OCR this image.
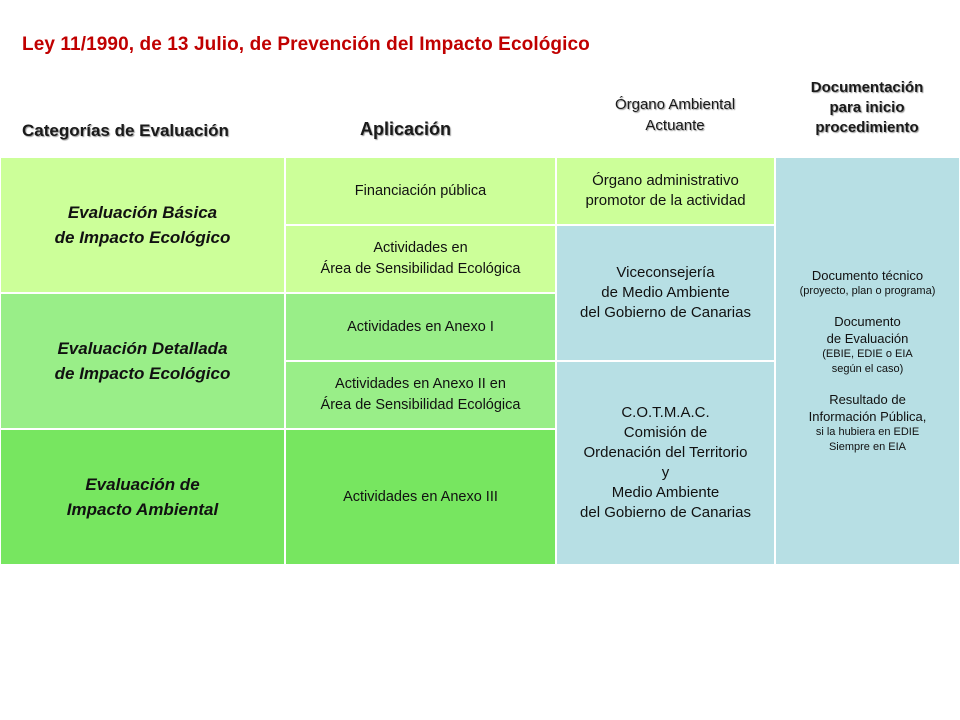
Ley 11/1990, de 13 Julio, de Prevención del Impacto Ecológico
Categorías de Evaluación	Aplicación
Órgano Ambiental
Actuante
Documentación
para inicio
procedimiento
Evaluación Básica
de Impacto Ecológico
Evaluación Detallada
de Impacto Ecológico
Evaluación de
Impacto Ambiental
Financiación pública
Actividades en
Área de Sensibilidad Ecológica
Actividades en Anexo I
Actividades en Anexo II en
Área de Sensibilidad Ecológica
Actividades en Anexo III
Órgano administrativo
promotor de la actividad
Viceconsejería
de Medio Ambiente
del Gobierno de Canarias
C.O.T.M.A.C.
Comisión de
Ordenación del Territorio
y
Medio Ambiente
del Gobierno de Canarias
Documento técnico
(proyecto, plan o programa)
Documento
de Evaluación
(EBIE, EDIE o EIA
según el caso)
Resultado de
Información Pública,
si la hubiera en EDIE
Siempre en EIA
